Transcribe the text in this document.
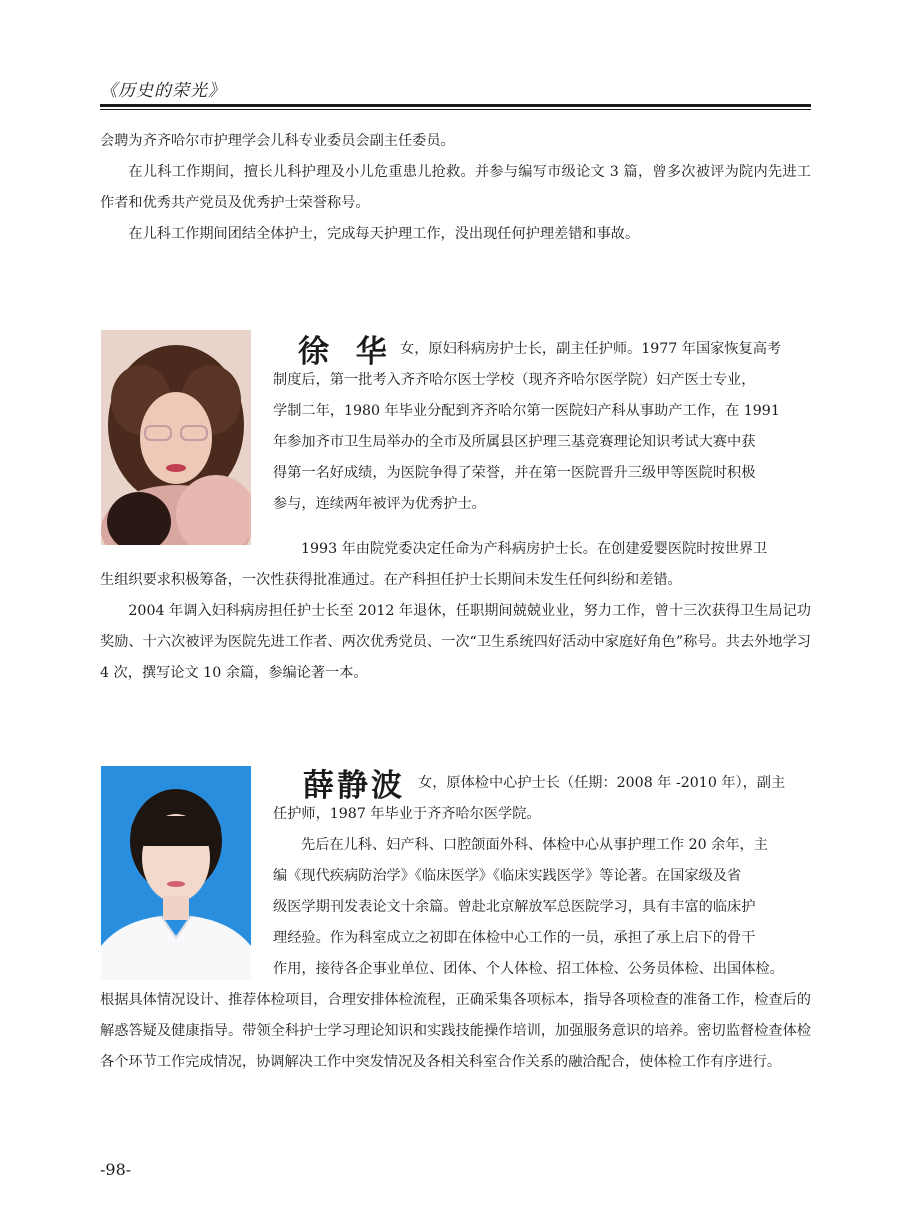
《历史的荣光》

会聘为齐齐哈尔市护理学会儿科专业委员会副主任委员。

在儿科工作期间，擅长儿科护理及小儿危重患儿抢救。并参与编写市级论文 3 篇，曾多次被评为院内先进工作者和优秀共产党员及优秀护士荣誉称号。

在儿科工作期间团结全体护士，完成每天护理工作，没出现任何护理差错和事故。

徐 华 女，原妇科病房护士长，副主任护师。1977 年国家恢复高考

制度后，第一批考入齐齐哈尔医士学校（现齐齐哈尔医学院）妇产医士专业，

学制二年，1980 年毕业分配到齐齐哈尔第一医院妇产科从事助产工作，在 1991

年参加齐市卫生局举办的全市及所属县区护理三基竞赛理论知识考试大赛中获

得第一名好成绩，为医院争得了荣誉，并在第一医院晋升三级甲等医院时积极

参与，连续两年被评为优秀护士。

1993 年由院党委决定任命为产科病房护士长。在创建爱婴医院时按世界卫

生组织要求积极筹备，一次性获得批准通过。在产科担任护士长期间未发生任何纠纷和差错。

2004 年调入妇科病房担任护士长至 2012 年退休，任职期间兢兢业业，努力工作，曾十三次获得卫生局记功奖励、十六次被评为医院先进工作者、两次优秀党员、一次“卫生系统四好活动中家庭好角色”称号。共去外地学习 4 次，撰写论文 10 余篇，参编论著一本。

薛静波 女，原体检中心护士长（任期：2008 年 -2010 年），副主
任护师，1987 年毕业于齐齐哈尔医学院。

先后在儿科、妇产科、口腔颌面外科、体检中心从事护理工作 20 余年，主

编《现代疾病防治学》《临床医学》《临床实践医学》等论著。在国家级及省

级医学期刊发表论文十余篇。曾赴北京解放军总医院学习，具有丰富的临床护

理经验。作为科室成立之初即在体检中心工作的一员，承担了承上启下的骨干

作用，接待各企事业单位、团体、个人体检、招工体检、公务员体检、出国体检。

根据具体情况设计、推荐体检项目，合理安排体检流程，正确采集各项标本，指导各项检查的准备工作，检查后的解惑答疑及健康指导。带领全科护士学习理论知识和实践技能操作培训，加强服务意识的培养。密切监督检查体检各个环节工作完成情况，协调解决工作中突发情况及各相关科室合作关系的融洽配合，使体检工作有序进行。

-98-
